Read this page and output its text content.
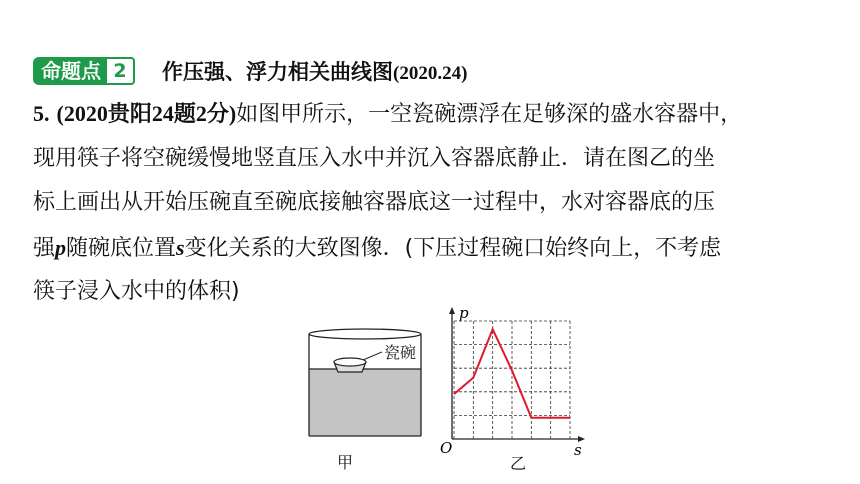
命题点 2	作压强、浮力相关曲线图(2020.24)
5. (2020贵阳24题2分)如图甲所示，一空瓷碗漂浮在足够深的盛水容器中，
现用筷子将空碗缓慢地竖直压入水中并沉入容器底静止．请在图乙的坐
标上画出从开始压碗直至碗底接触容器底这一过程中，水对容器底的压
强p随碗底位置s变化关系的大致图像．(下压过程碗口始终向上，不考虑
筷子浸入水中的体积)
瓷碗
甲
O	s
p
乙
